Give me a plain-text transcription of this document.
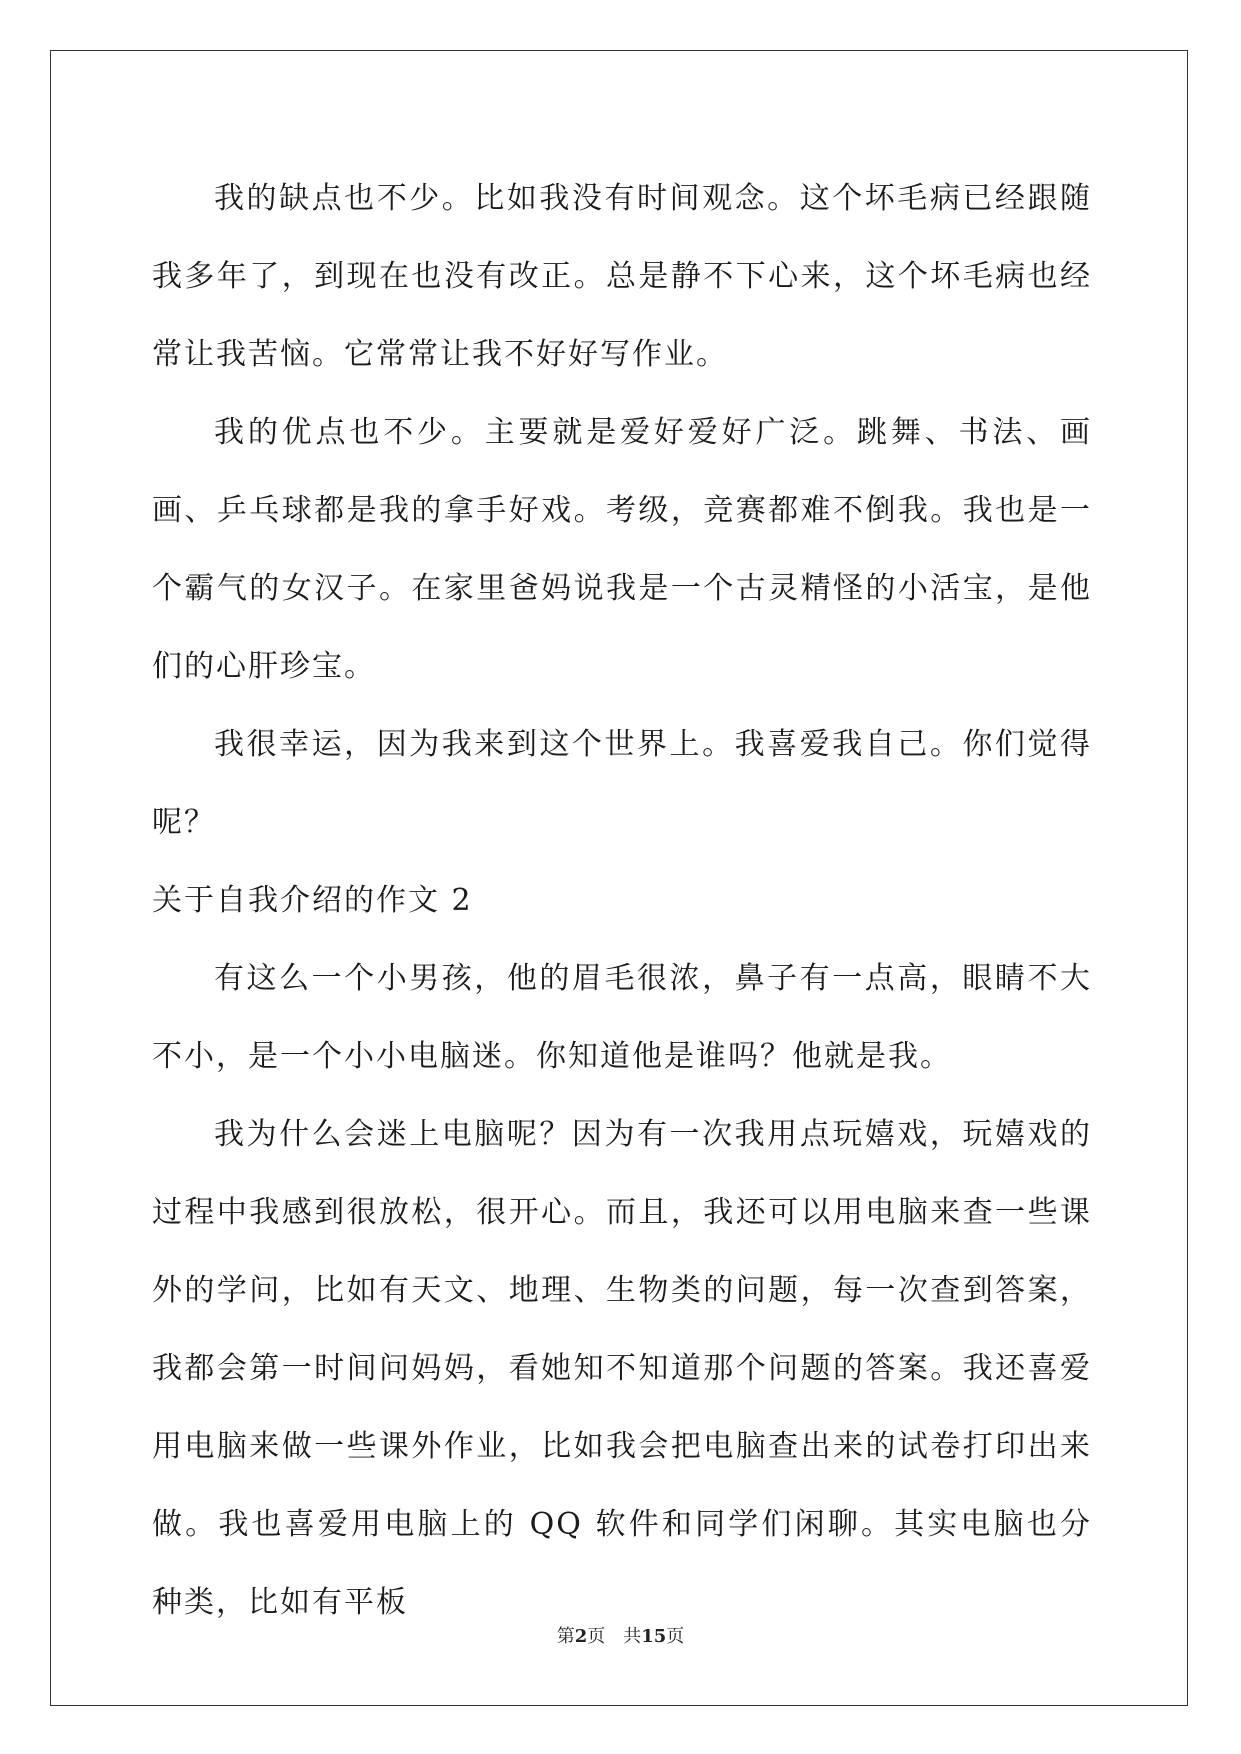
我的缺点也不少。比如我没有时间观念。这个坏毛病已经跟随我多年了，到现在也没有改正。总是静不下心来，这个坏毛病也经常让我苦恼。它常常让我不好好写作业。

我的优点也不少。主要就是爱好爱好广泛。跳舞、书法、画画、乒乓球都是我的拿手好戏。考级，竞赛都难不倒我。我也是一个霸气的女汉子。在家里爸妈说我是一个古灵精怪的小活宝，是他们的心肝珍宝。

我很幸运，因为我来到这个世界上。我喜爱我自己。你们觉得呢？

关于自我介绍的作文 2

有这么一个小男孩，他的眉毛很浓，鼻子有一点高，眼睛不大不小，是一个小小电脑迷。你知道他是谁吗？他就是我。

我为什么会迷上电脑呢？因为有一次我用点玩嬉戏，玩嬉戏的过程中我感到很放松，很开心。而且，我还可以用电脑来查一些课外的学问，比如有天文、地理、生物类的问题，每一次查到答案，我都会第一时间问妈妈，看她知不知道那个问题的答案。我还喜爱用电脑来做一些课外作业，比如我会把电脑查出来的试卷打印出来做。我也喜爱用电脑上的 QQ 软件和同学们闲聊。其实电脑也分种类，比如有平板

第2页　共15页
